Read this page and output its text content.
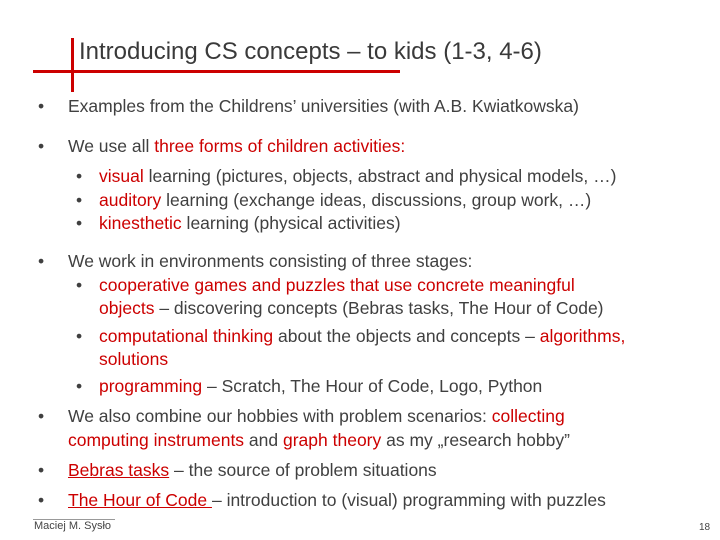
Introducing CS concepts – to kids (1-3, 4-6)
• Examples from the Childrens’ universities (with A.B. Kwiatkowska)
• We use all three forms of children activities:
• visual learning (pictures, objects, abstract and physical models, …)
• auditory learning (exchange ideas, discussions, group work, …)
• kinesthetic learning (physical activities)
• We work in environments consisting of three stages:
• cooperative games and puzzles that use concrete meaningful
objects – discovering concepts (Bebras tasks, The Hour of Code)
• computational thinking about the objects and concepts – algorithms,
solutions
• programming – Scratch, The Hour of Code, Logo, Python
• We also combine our hobbies with problem scenarios: collecting
computing instruments and graph theory as my „research hobby”
• Bebras tasks – the source of problem situations
• The Hour of Code – introduction to (visual) programming with puzzles
Maciej M. Sysło	18
